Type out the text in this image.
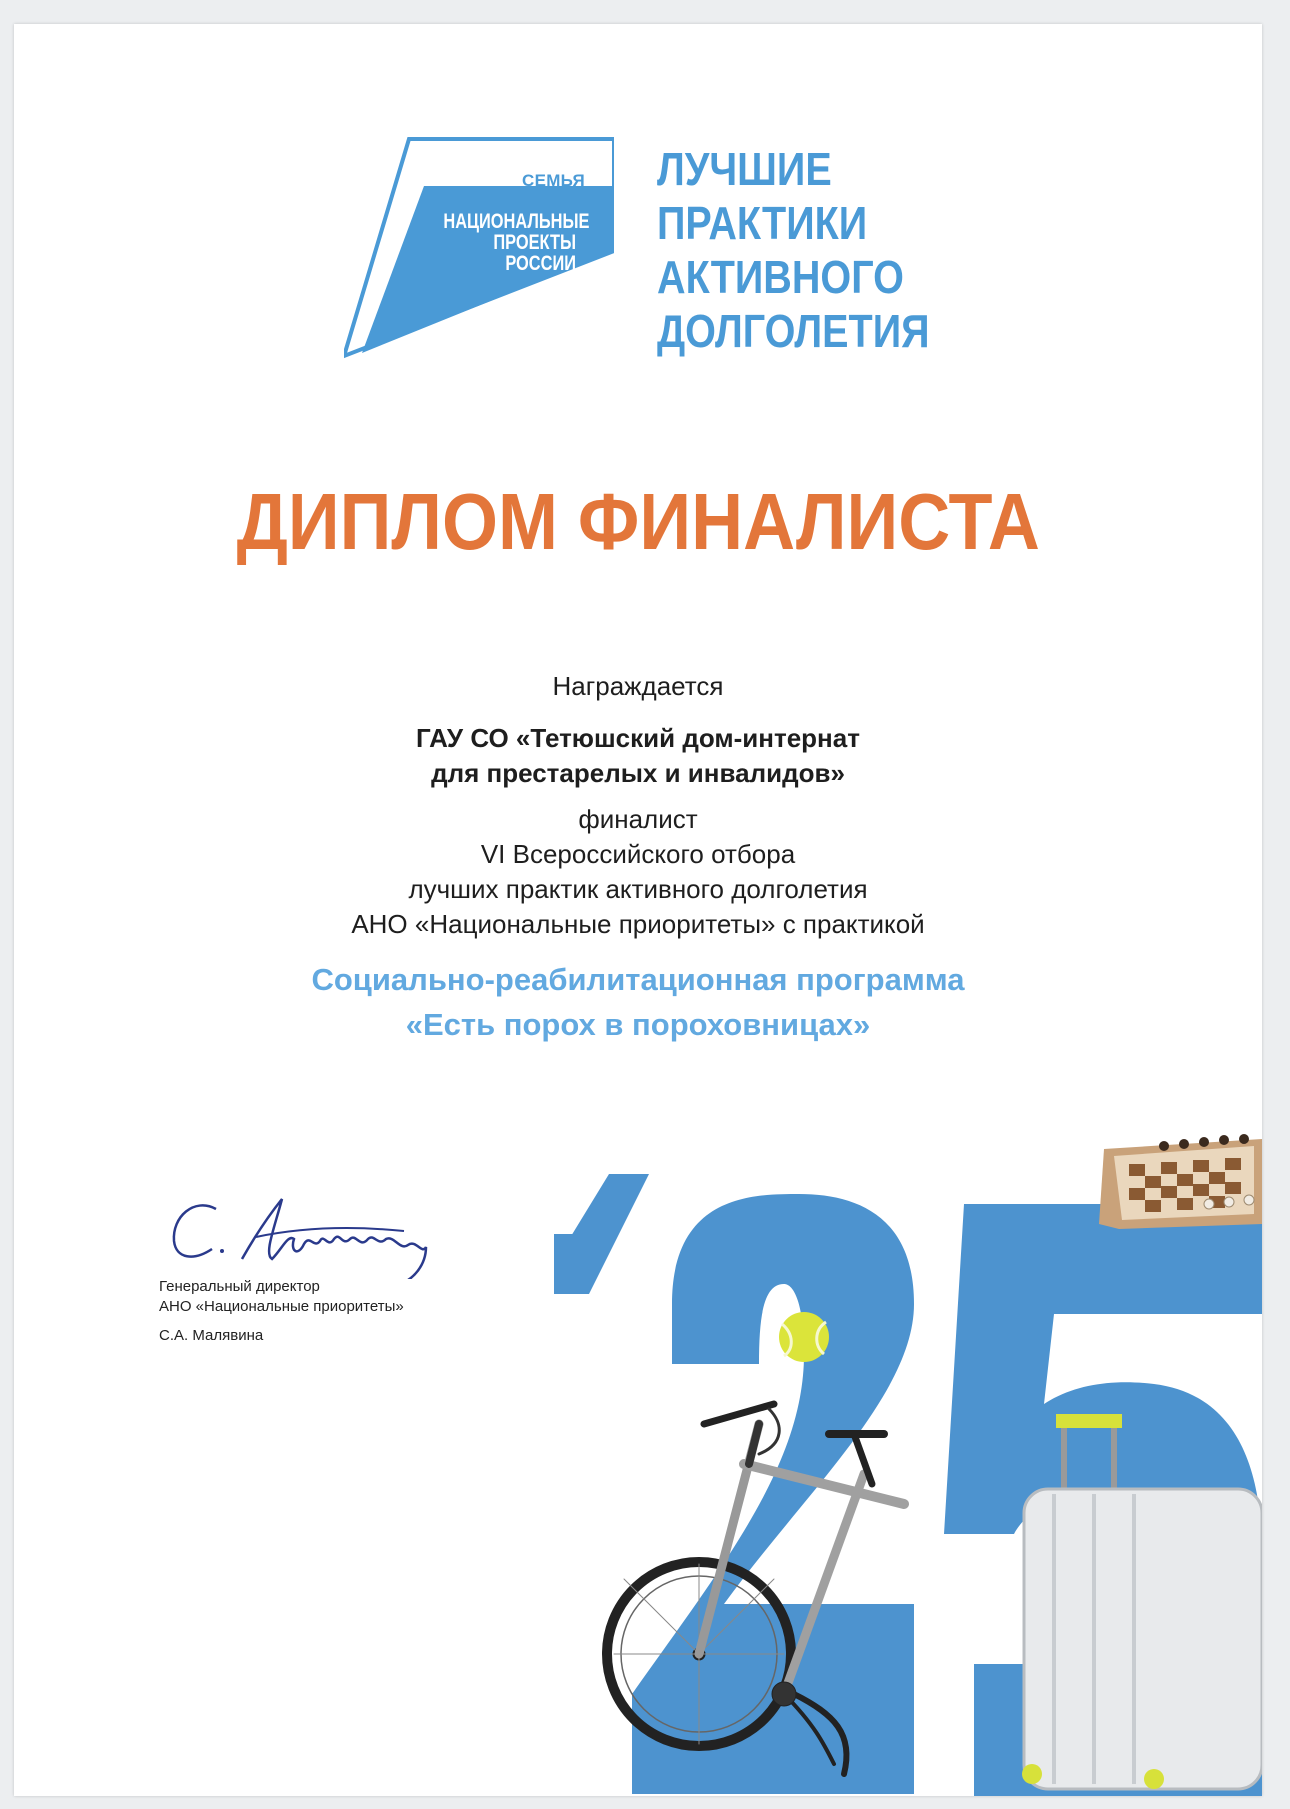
СЕМЬЯ
НАЦИОНАЛЬНЫЕ
ПРОЕКТЫ
РОССИИ
ЛУЧШИЕ
ПРАКТИКИ
АКТИВНОГО
ДОЛГОЛЕТИЯ
ДИПЛОМ ФИНАЛИСТА
Награждается
ГАУ СО «Тетюшский дом-интернат
для престарелых и инвалидов»
финалист
VI Всероссийского отбора
лучших практик активного долголетия
АНО «Национальные приоритеты» с практикой
Социально-реабилитационная программа
«Есть порох в пороховницах»
Генеральный директор
АНО «Национальные приоритеты»
С.А. Малявина
